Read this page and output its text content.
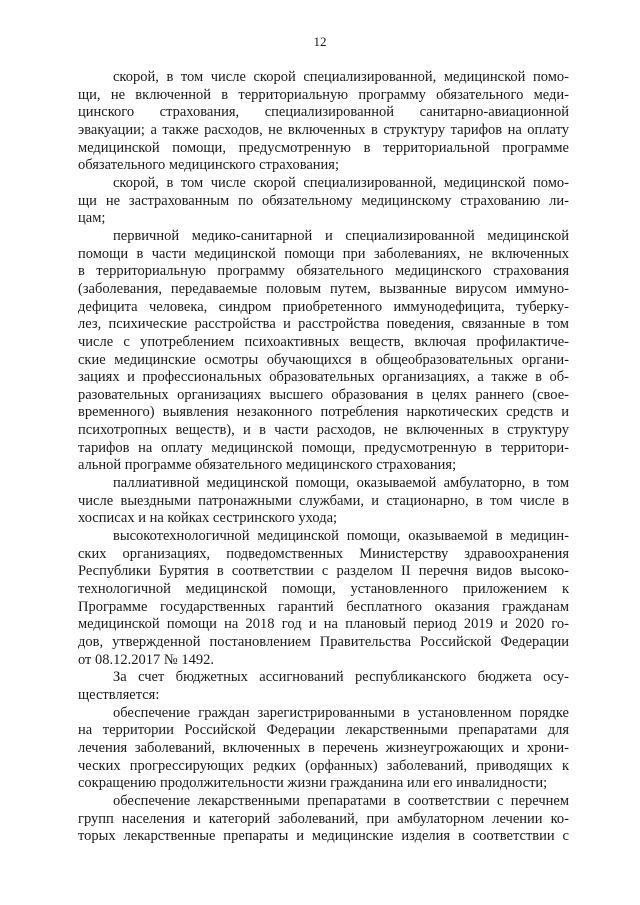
12
скорой, в том числе скорой специализированной, медицинской помо-
щи, не включенной в территориальную программу обязательного меди-
цинского страхования, специализированной санитарно-авиационной
эвакуации; а также расходов, не включенных в структуру тарифов на оплату
медицинской помощи, предусмотренную в территориальной программе
обязательного медицинского страхования;
скорой, в том числе скорой специализированной, медицинской помо-
щи не застрахованным по обязательному медицинскому страхованию ли-
цам;
первичной медико-санитарной и специализированной медицинской
помощи в части медицинской помощи при заболеваниях, не включенных
в территориальную программу обязательного медицинского страхования
(заболевания, передаваемые половым путем, вызванные вирусом иммуно-
дефицита человека, синдром приобретенного иммунодефицита, туберку-
лез, психические расстройства и расстройства поведения, связанные в том
числе с употреблением психоактивных веществ, включая профилактиче-
ские медицинские осмотры обучающихся в общеобразовательных органи-
зациях и профессиональных образовательных организациях, а также в об-
разовательных организациях высшего образования в целях раннего (свое-
временного) выявления незаконного потребления наркотических средств и
психотропных веществ), и в части расходов, не включенных в структуру
тарифов на оплату медицинской помощи, предусмотренную в территори-
альной программе обязательного медицинского страхования;
паллиативной медицинской помощи, оказываемой амбулаторно, в том
числе выездными патронажными службами, и стационарно, в том числе в
хосписах и на койках сестринского ухода;
высокотехнологичной медицинской помощи, оказываемой в медицин-
ских организациях, подведомственных Министерству здравоохранения
Республики Бурятия в соответствии с разделом II перечня видов высоко-
технологичной медицинской помощи, установленного приложением к
Программе государственных гарантий бесплатного оказания гражданам
медицинской помощи на 2018 год и на плановый период 2019 и 2020 го-
дов, утвержденной постановлением Правительства Российской Федерации
от 08.12.2017 № 1492.
За счет бюджетных ассигнований республиканского бюджета осу-
ществляется:
обеспечение граждан зарегистрированными в установленном порядке
на территории Российской Федерации лекарственными препаратами для
лечения заболеваний, включенных в перечень жизнеугрожающих и хрони-
ческих прогрессирующих редких (орфанных) заболеваний, приводящих к
сокращению продолжительности жизни гражданина или его инвалидности;
обеспечение лекарственными препаратами в соответствии с перечнем
групп населения и категорий заболеваний, при амбулаторном лечении ко-
торых лекарственные препараты и медицинские изделия в соответствии с
